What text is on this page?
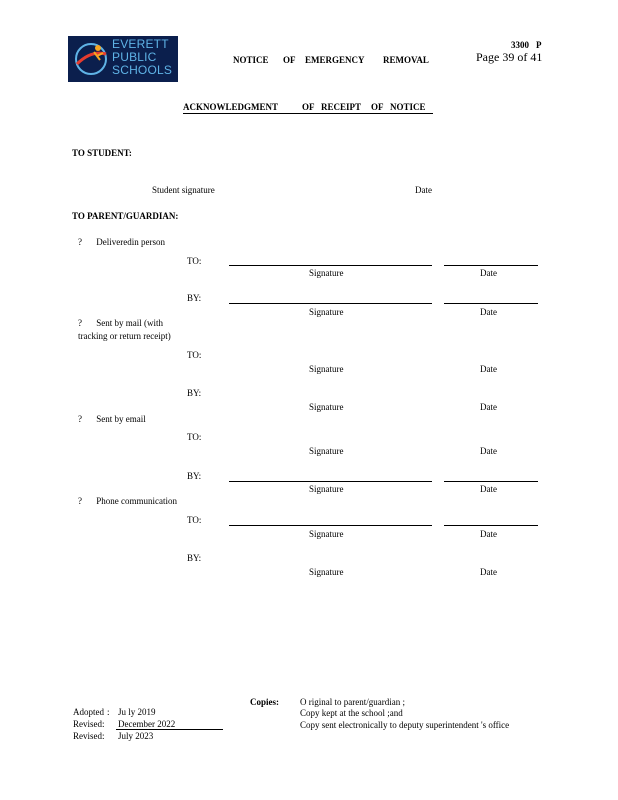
EVERETT
PUBLIC
SCHOOLS
NOTICE OF EMERGENCY REMOVAL
3300 P
Page 39 of 41
ACKNOWLEDGMENT	OF RECEIPT OF NOTICE
TO STUDENT:
Student signature	Date
TO PARENT/GUARDIAN:
? Deliveredin person
TO:
Signature	Date
BY:
Signature	Date
? Sent by mail (with
tracking or return receipt)
TO:
Signature	Date
BY:
Signature	Date
? Sent by email
TO:
Signature	Date
BY:
Signature	Date
? Phone communication
TO:
Signature	Date
BY:
Signature	Date
Copies: O riginal to parent/guardian ;
Copy kept at the school ;and
Copy sent electronically to deputy superintendent 's office
Adopted : Ju ly 2019
Revised: December 2022
Revised: July 2023
